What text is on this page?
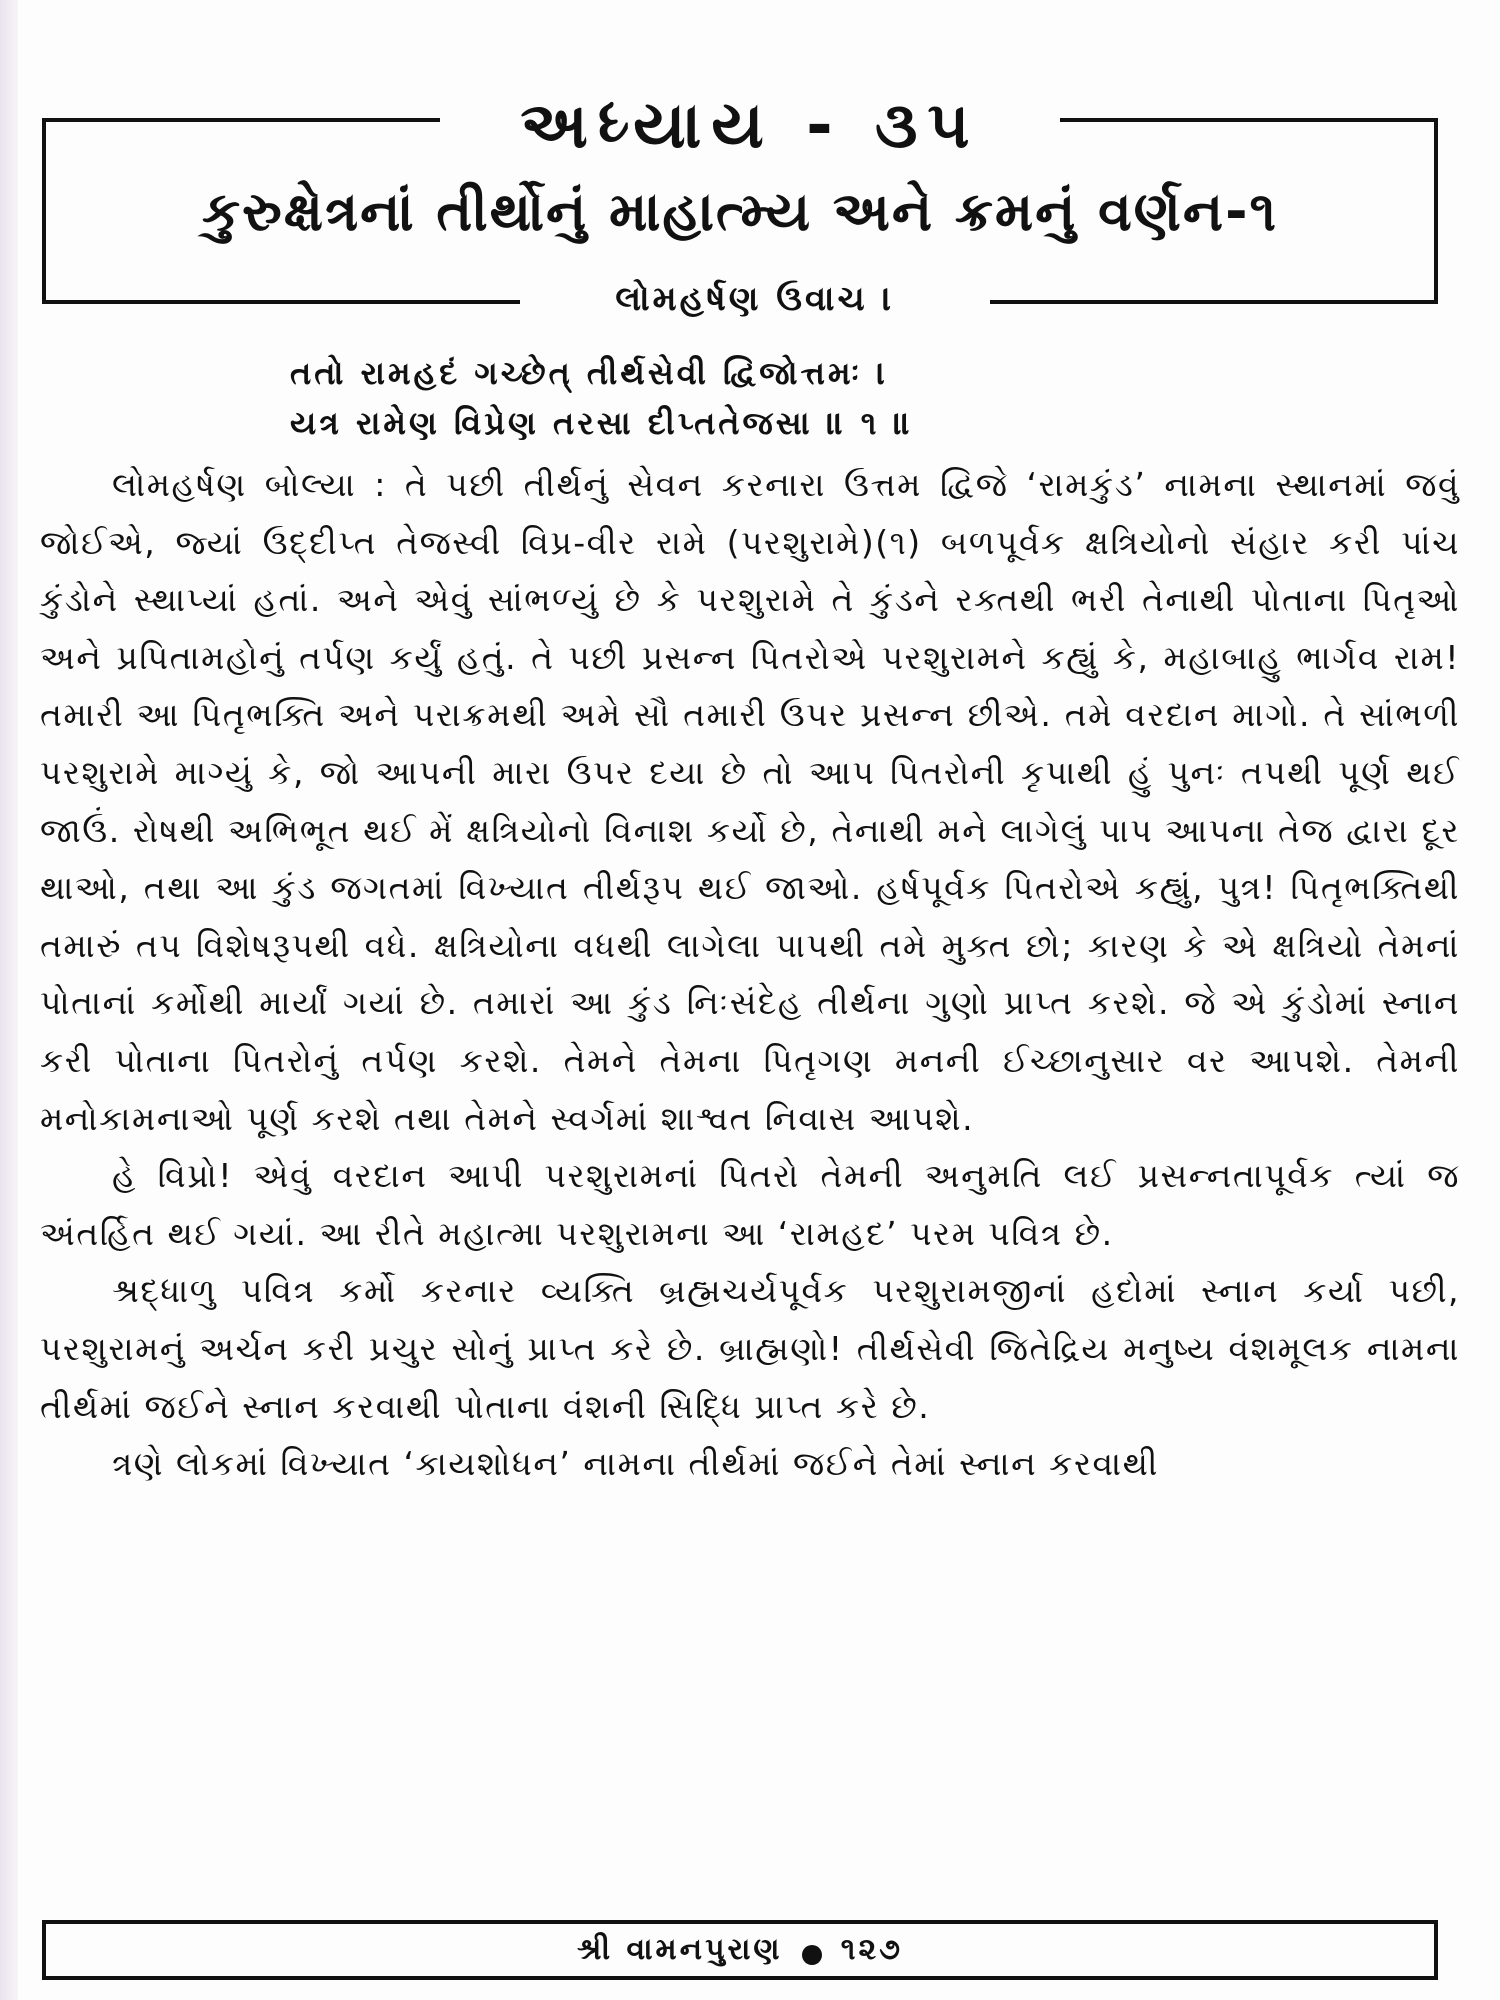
અધ્યાય - ૩૫
કુરુક્ષેત્રનાં તીર્થોનું માહાત્મ્ય અને ક્રમનું વર્ણન-૧
લોમહર્ષણ ઉવાચ ।
તતો રામહદં ગચ્છેત્ તીર્થસેવી દ્વિજોત્તમઃ ।
યત્ર રામેણ વિપ્રેણ તરસા દીપ્તતેજસા ॥ ૧ ॥

લોમહર્ષણ બોલ્યા : તે પછી તીર્થનું સેવન કરનારા ઉત્તમ દ્વિજે ‘રામકુંડ’ નામના સ્થાનમાં જવું જોઈએ, જ્યાં ઉદ્દીપ્ત તેજસ્વી વિપ્ર-વીર રામે (પરશુરામે)(૧) બળપૂર્વક ક્ષત્રિયોનો સંહાર કરી પાંચ કુંડોને સ્થાપ્યાં હતાં. અને એવું સાંભળ્યું છે કે પરશુરામે તે કુંડને રક્તથી ભરી તેનાથી પોતાના પિતૃઓ અને પ્રપિતામહોનું તર્પણ કર્યું હતું. તે પછી પ્રસન્ન પિતરોએ પરશુરામને કહ્યું કે, મહાબાહુ ભાર્ગવ રામ! તમારી આ પિતૃભક્તિ અને પરાક્રમથી અમે સૌ તમારી ઉપર પ્રસન્ન છીએ. તમે વરદાન માગો. તે સાંભળી પરશુરામે માગ્યું કે, જો આપની મારા ઉપર દયા છે તો આપ પિતરોની કૃપાથી હું પુનઃ તપથી પૂર્ણ થઈ જાઉં. રોષથી અભિભૂત થઈ મેં ક્ષત્રિયોનો વિનાશ કર્યો છે, તેનાથી મને લાગેલું પાપ આપના તેજ દ્વારા દૂર થાઓ, તથા આ કુંડ જગતમાં વિખ્યાત તીર્થરૂપ થઈ જાઓ. હર્ષપૂર્વક પિતરોએ કહ્યું, પુત્ર! પિતૃભક્તિથી તમારું તપ વિશેષરૂપથી વધે. ક્ષત્રિયોના વધથી લાગેલા પાપથી તમે મુક્ત છો; કારણ કે એ ક્ષત્રિયો તેમનાં પોતાનાં કર્મોથી માર્યાં ગયાં છે. તમારાં આ કુંડ નિઃસંદેહ તીર્થના ગુણો પ્રાપ્ત કરશે. જે એ કુંડોમાં સ્નાન કરી પોતાના પિતરોનું તર્પણ કરશે. તેમને તેમના પિતૃગણ મનની ઈચ્છાનુસાર વર આપશે. તેમની મનોકામનાઓ પૂર્ણ કરશે તથા તેમને સ્વર્ગમાં શાશ્વત નિવાસ આપશે.

હે વિપ્રો! એવું વરદાન આપી પરશુરામનાં પિતરો તેમની અનુમતિ લઈ પ્રસન્નતાપૂર્વક ત્યાં જ અંતર્હિત થઈ ગયાં. આ રીતે મહાત્મા પરશુરામના આ ‘રામહદ’ પરમ પવિત્ર છે.

શ્રદ્ધાળુ પવિત્ર કર્મો કરનાર વ્યક્તિ બ્રહ્મચર્યપૂર્વક પરશુરામજીનાં હદોમાં સ્નાન કર્યા પછી, પરશુરામનું અર્ચન કરી પ્રચુર સોનું પ્રાપ્ત કરે છે. બ્રાહ્મણો! તીર્થસેવી જિતેદ્રિય મનુષ્ય વંશમૂલક નામના તીર્થમાં જઈને સ્નાન કરવાથી પોતાના વંશની સિદ્ધિ પ્રાપ્ત કરે છે.

ત્રણે લોકમાં વિખ્યાત ‘કાયશોધન’ નામના તીર્થમાં જઈને તેમાં સ્નાન કરવાથી

શ્રી વામનપુરાણ ૧૨૭
